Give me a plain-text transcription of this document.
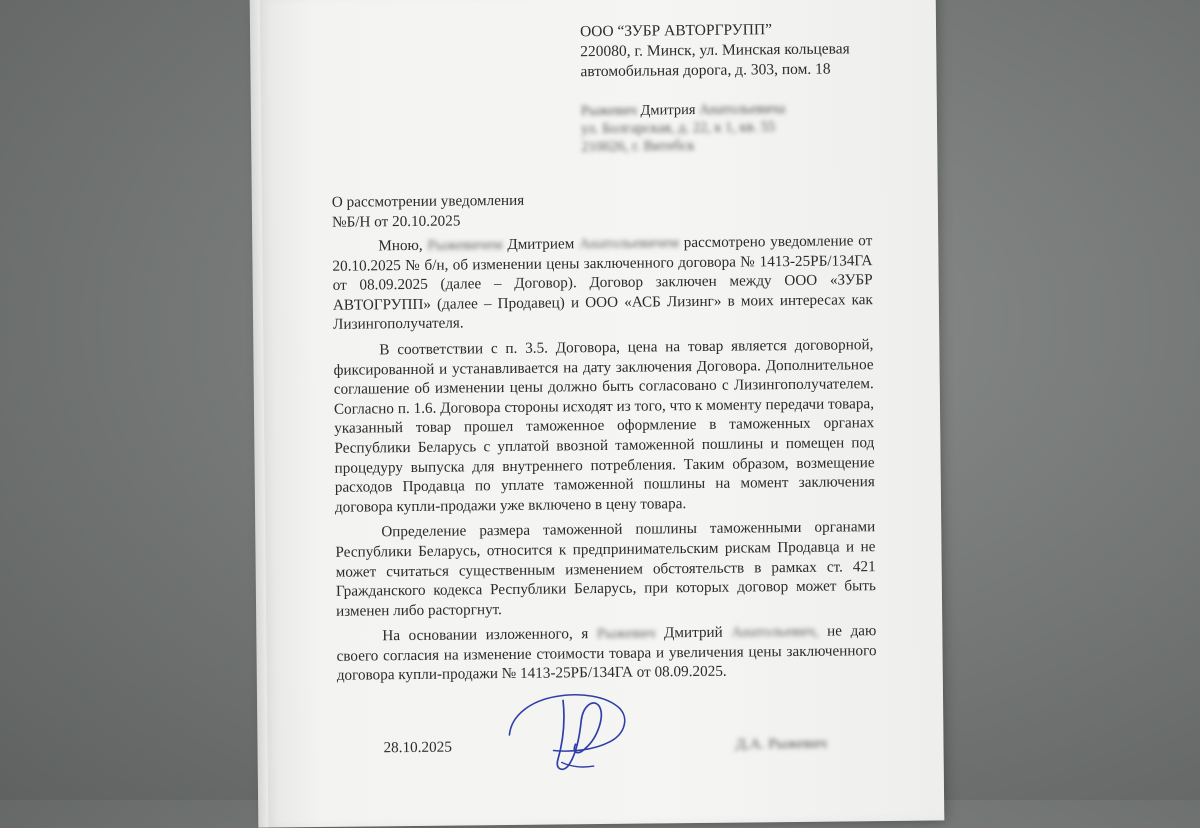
ООО “ЗУБР АВТОРГРУПП”
220080, г. Минск, ул. Минская кольцевая
автомобильная дорога, д. 303, пом. 18
Рыжевич Дмитрия Анатольевича
ул. Болгарская, д. 22, к 1, кв. 55
210026, г. Витебск
О рассмотрении уведомления
№Б/Н от 20.10.2025

Мною, Рыжевичем Дмитрием Анатольевичем рассмотрено уведомление от 20.10.2025 № б/н, об изменении цены заключенного договора № 1413-25РБ/134ГА от 08.09.2025 (далее – Договор). Договор заключен между ООО «ЗУБР АВТОГРУПП» (далее – Продавец) и ООО «АСБ Лизинг» в моих интересах как Лизингополучателя.

В соответствии с п. 3.5. Договора, цена на товар является договорной, фиксированной и устанавливается на дату заключения Договора. Дополнительное соглашение об изменении цены должно быть согласовано с Лизингополучателем. Согласно п. 1.6. Договора стороны исходят из того, что к моменту передачи товара, указанный товар прошел таможенное оформление в таможенных органах Республики Беларусь с уплатой ввозной таможенной пошлины и помещен под процедуру выпуска для внутреннего потребления. Таким образом, возмещение расходов Продавца по уплате таможенной пошлины на момент заключения договора купли-продажи уже включено в цену товара.

Определение размера таможенной пошлины таможенными органами Республики Беларусь, относится к предпринимательским рискам Продавца и не может считаться существенным изменением обстоятельств в рамках ст. 421 Гражданского кодекса Республики Беларусь, при которых договор может быть изменен либо расторгнут.

На основании изложенного, я Рыжевич Дмитрий Анатольевич, не даю своего согласия на изменение стоимости товара и увеличения цены заключенного договора купли-продажи № 1413-25РБ/134ГА от 08.09.2025.

28.10.2025	Д.А. Рыжевич
